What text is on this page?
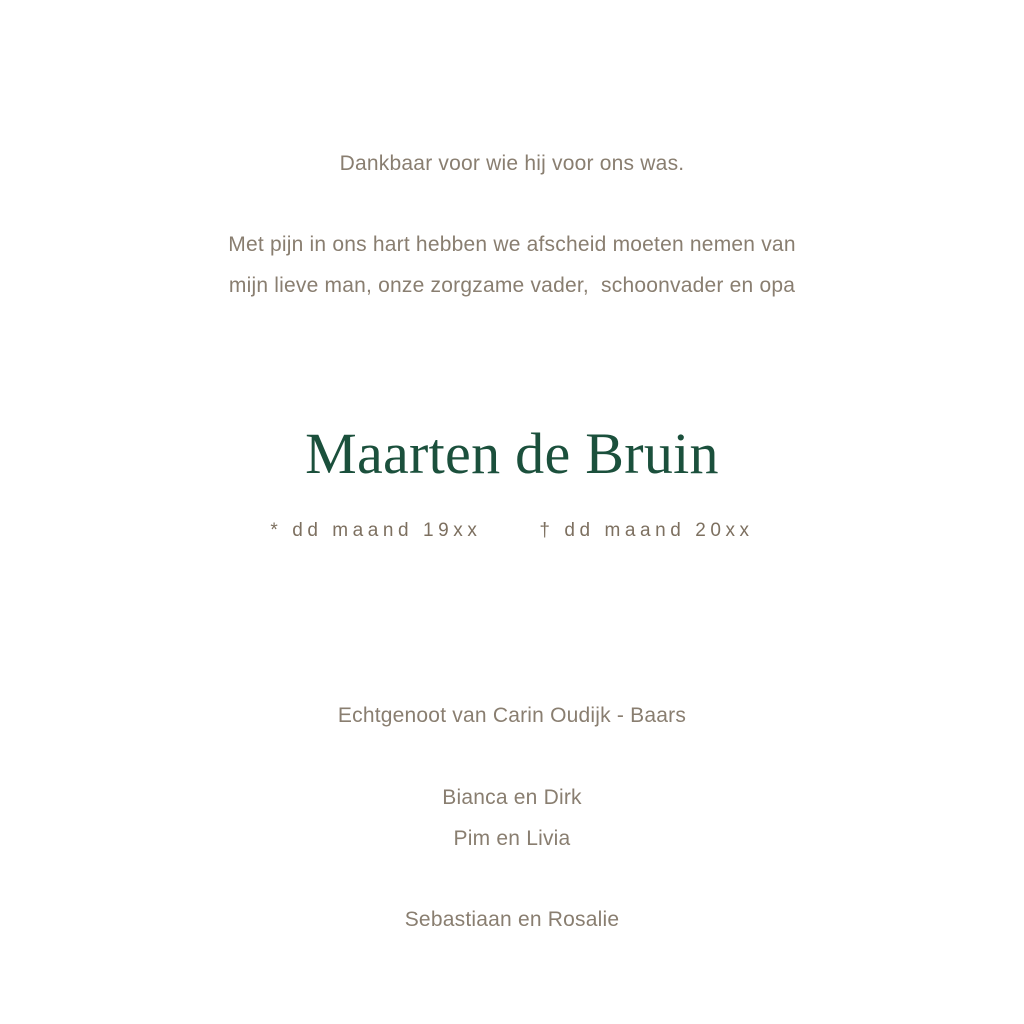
Dankbaar voor wie hij voor ons was.

Met pijn in ons hart hebben we afscheid moeten nemen van

mijn lieve man, onze zorgzame vader,  schoonvader en opa

Maarten de Bruin
* dd maand 19xx	† dd maand 20xx

Echtgenoot van Carin Oudijk - Baars

Bianca en Dirk

Pim en Livia

Sebastiaan en Rosalie
